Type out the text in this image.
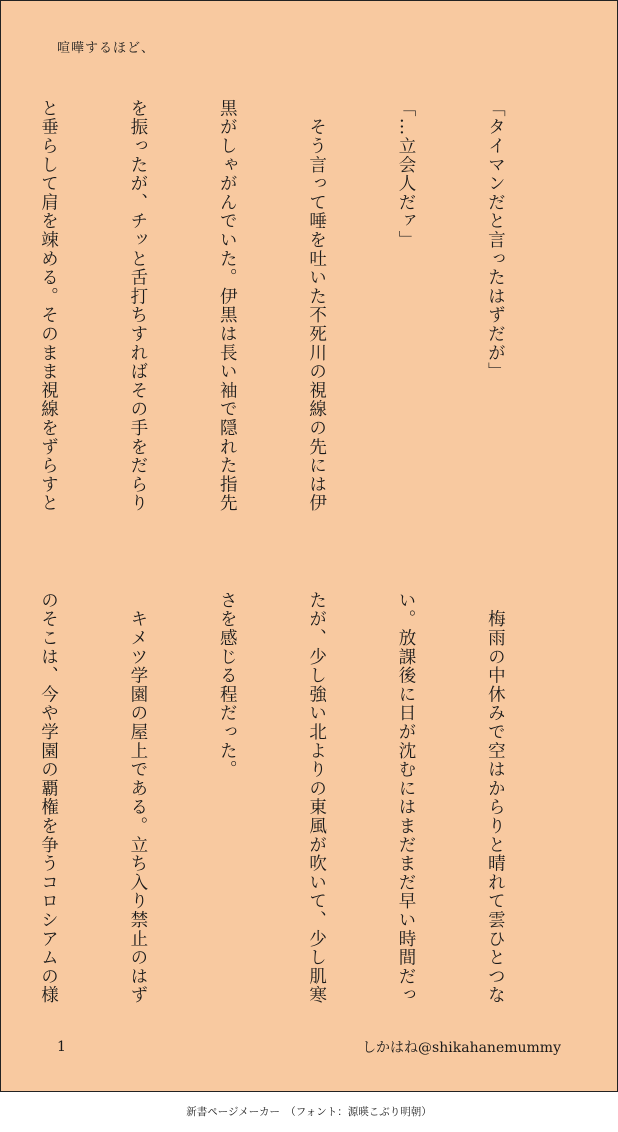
喧嘩するほど、

「タイマンだと言ったはずだが」

「…立会人だァ」

　そう言って唾を吐いた不死川の視線の先には伊

黒がしゃがんでいた。伊黒は長い袖で隠れた指先

を振ったが、チッと舌打ちすればその手をだらり

と垂らして肩を竦める。そのまま視線をずらすと

　梅雨の中休みで空はからりと晴れて雲ひとつな

い。放課後に日が沈むにはまだまだ早い時間だっ

たが、少し強い北よりの東風が吹いて、少し肌寒

さを感じる程だった。

　キメツ学園の屋上である。立ち入り禁止のはず

のそこは、今や学園の覇権を争うコロシアムの様

1	しかはね@shikahanemummy
新書ページメーカー　（フォント：源暎こぶり明朝）
